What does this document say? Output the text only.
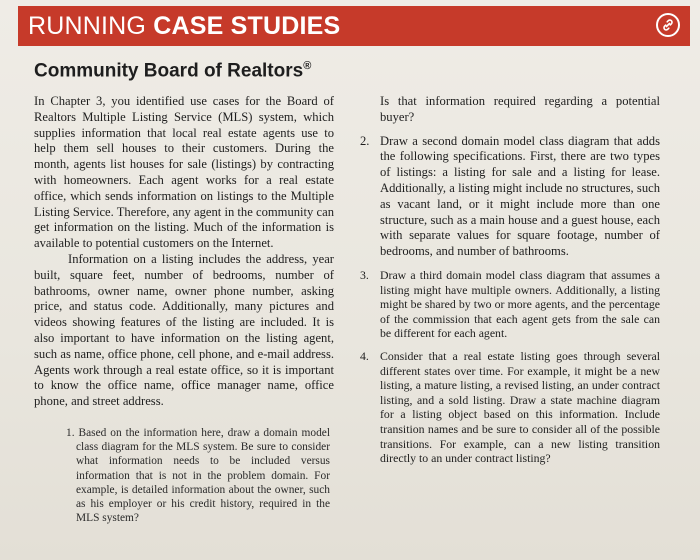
RUNNING CASE STUDIES
Community Board of Realtors®

In Chapter 3, you identified use cases for the Board of Realtors Multiple Listing Service (MLS) system, which supplies information that local real estate agents use to help them sell houses to their customers. During the month, agents list houses for sale (listings) by contracting with homeowners. Each agent works for a real estate office, which sends information on listings to the Multiple Listing Service. Therefore, any agent in the community can get information on the listing. Much of the information is available to potential customers on the Internet.

Information on a listing includes the address, year built, square feet, number of bedrooms, number of bathrooms, owner name, owner phone number, asking price, and status code. Additionally, many pictures and videos showing features of the listing are included. It is also important to have information on the listing agent, such as name, office phone, cell phone, and e-mail address. Agents work through a real estate office, so it is important to know the office name, office manager name, office phone, and street address.

1. Based on the information here, draw a domain model class diagram for the MLS system. Be sure to consider what information needs to be included versus information that is not in the problem domain. For example, is detailed information about the owner, such as his employer or his credit history, required in the MLS system?

Is that information required regarding a potential buyer?

2. Draw a second domain model class diagram that adds the following specifications. First, there are two types of listings: a listing for sale and a listing for lease. Additionally, a listing might include no structures, such as vacant land, or it might include more than one structure, such as a main house and a guest house, each with separate values for square footage, number of bedrooms, and number of bathrooms.
3. Draw a third domain model class diagram that assumes a listing might have multiple owners. Additionally, a listing might be shared by two or more agents, and the percentage of the commission that each agent gets from the sale can be different for each agent.
4. Consider that a real estate listing goes through several different states over time. For example, it might be a new listing, a mature listing, a revised listing, an under contract listing, and a sold listing. Draw a state machine diagram for a listing object based on this information. Include transition names and be sure to consider all of the possible transitions. For example, can a new listing transition directly to an under contract listing?
